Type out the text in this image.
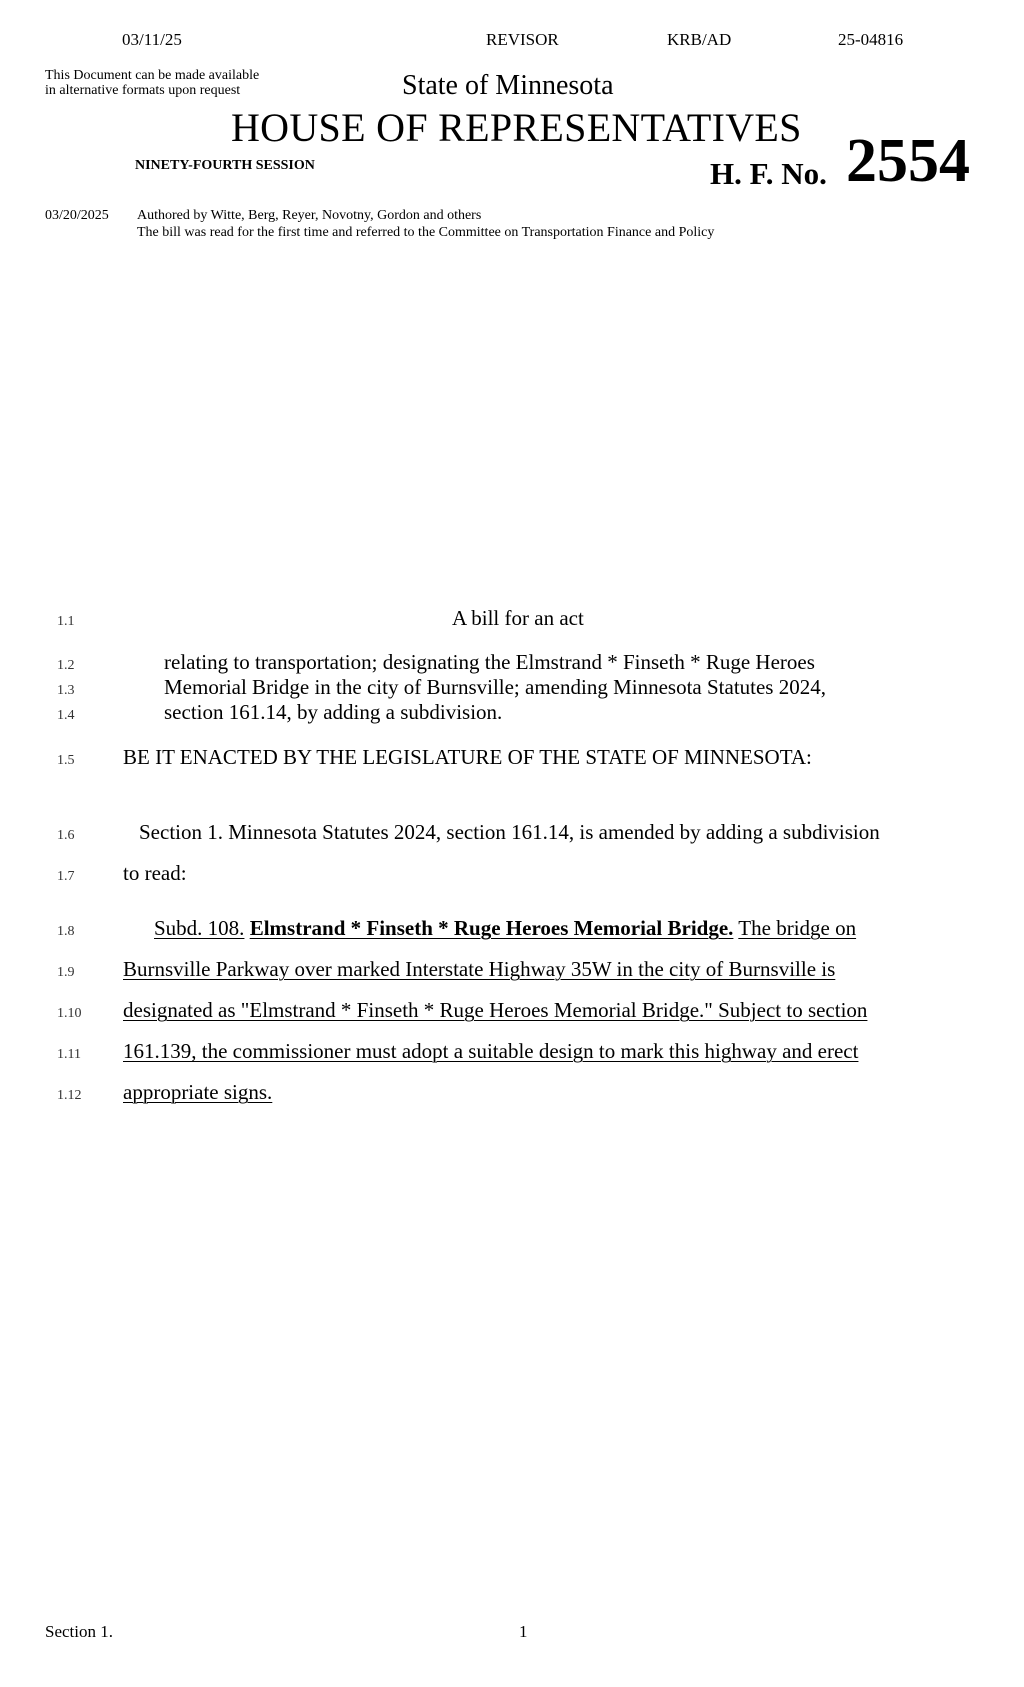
03/11/25	REVISOR	KRB/AD	25-04816
This Document can be made available
in alternative formats upon request	State of Minnesota
HOUSE OF REPRESENTATIVES
NINETY-FOURTH SESSION	H. F. No. 2554
03/20/2025 Authored by Witte, Berg, Reyer, Novotny, Gordon and others
The bill was read for the first time and referred to the Committee on Transportation Finance and Policy
1.1	A bill for an act
1.2	relating to transportation; designating the Elmstrand * Finseth * Ruge Heroes
1.3	Memorial Bridge in the city of Burnsville; amending Minnesota Statutes 2024,
1.4	section 161.14, by adding a subdivision.
1.5	BE IT ENACTED BY THE LEGISLATURE OF THE STATE OF MINNESOTA:
1.6	Section 1. Minnesota Statutes 2024, section 161.14, is amended by adding a subdivision
1.7	to read:
1.8	Subd. 108. Elmstrand * Finseth * Ruge Heroes Memorial Bridge. The bridge on
1.9	Burnsville Parkway over marked Interstate Highway 35W in the city of Burnsville is
1.10	designated as "Elmstrand * Finseth * Ruge Heroes Memorial Bridge." Subject to section
1.11	161.139, the commissioner must adopt a suitable design to mark this highway and erect
1.12	appropriate signs.
Section 1.	1
